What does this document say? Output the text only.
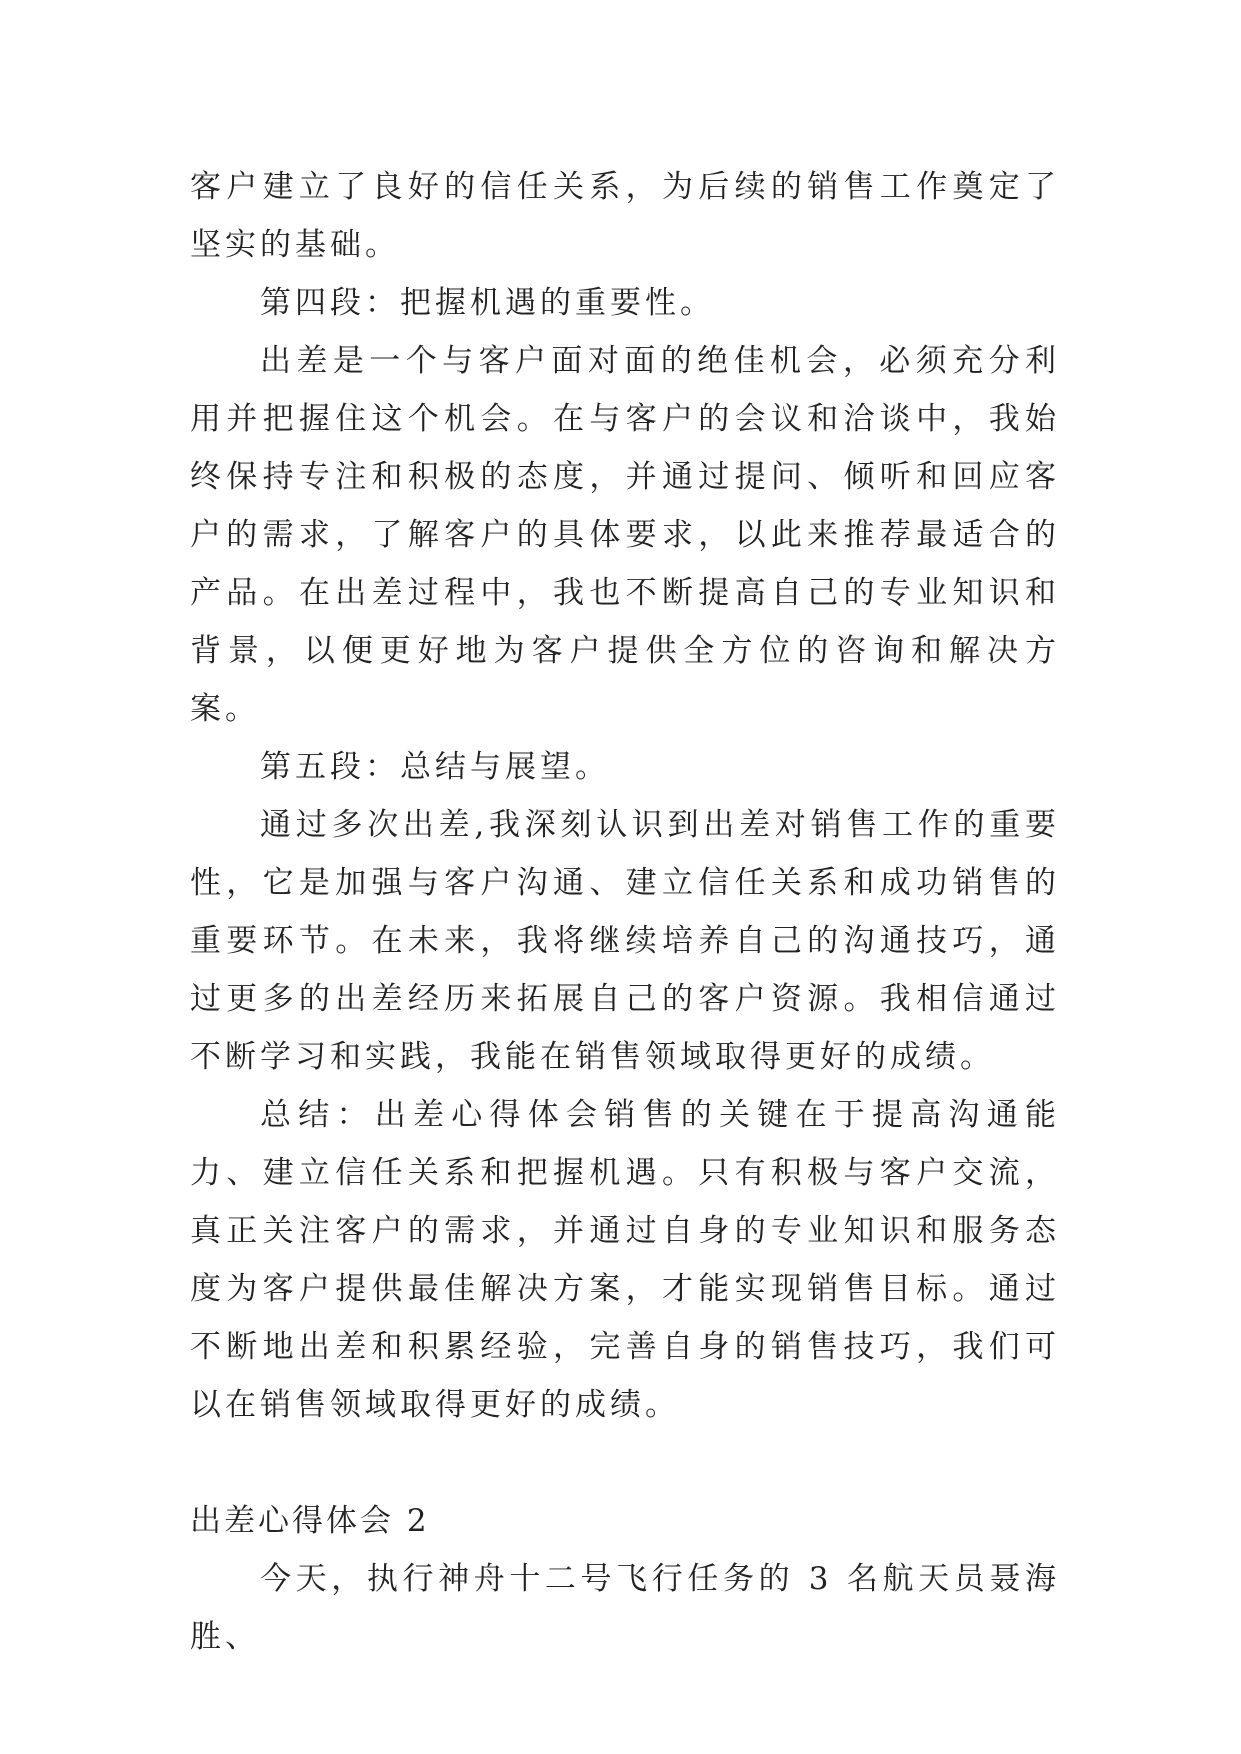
客户建立了良好的信任关系，为后续的销售工作奠定了坚实的基础。

第四段：把握机遇的重要性。

出差是一个与客户面对面的绝佳机会，必须充分利用并把握住这个机会。在与客户的会议和洽谈中，我始终保持专注和积极的态度，并通过提问、倾听和回应客户的需求，了解客户的具体要求，以此来推荐最适合的产品。在出差过程中，我也不断提高自己的专业知识和背景，以便更好地为客户提供全方位的咨询和解决方案。

第五段：总结与展望。

通过多次出差,我深刻认识到出差对销售工作的重要性，它是加强与客户沟通、建立信任关系和成功销售的重要环节。在未来，我将继续培养自己的沟通技巧，通过更多的出差经历来拓展自己的客户资源。我相信通过不断学习和实践，我能在销售领域取得更好的成绩。

总结：出差心得体会销售的关键在于提高沟通能力、建立信任关系和把握机遇。只有积极与客户交流，真正关注客户的需求，并通过自身的专业知识和服务态度为客户提供最佳解决方案，才能实现销售目标。通过不断地出差和积累经验，完善自身的销售技巧，我们可以在销售领域取得更好的成绩。

出差心得体会 2

今天，执行神舟十二号飞行任务的 3 名航天员聂海胜、
